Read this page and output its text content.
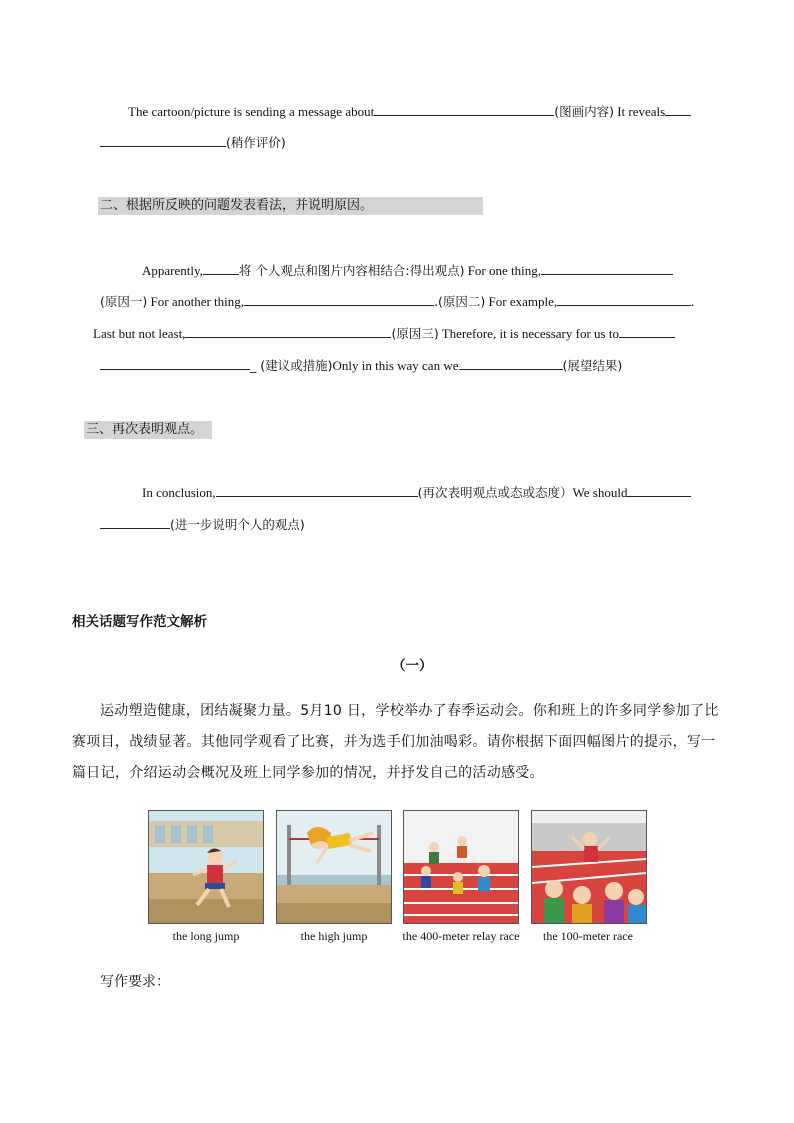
The cartoon/picture is sending a message about	(图画内容) It reveals
(稍作评价)
二、根据所反映的问题发表看法，并说明原因。
Apparently,	将 个人观点和图片内容相结合:得出观点) For one thing,
(原因一) For another thing,	.(原因二) For example,	.
Last but not least,	(原因三) Therefore, it is necessary for us to
_ (建议或措施)Only in this way can we	(展望结果)
三、再次表明观点。
In conclusion,	(再次表明观点或态或态度）We should
(进一步说明个人的观点)
相关话题写作范文解析
（一）
运动塑造健康，团结凝聚力量。5月10 日，学校举办了春季运动会。你和班上的许多同学参加了比赛项目，战绩显著。其他同学观看了比赛，并为选手们加油喝彩。请你根据下面四幅图片的提示，写一篇日记，介绍运动会概况及班上同学参加的情况，并抒发自己的活动感受。
the long jump	the high jump	the 400-meter relay race	the 100-meter race
写作要求：
